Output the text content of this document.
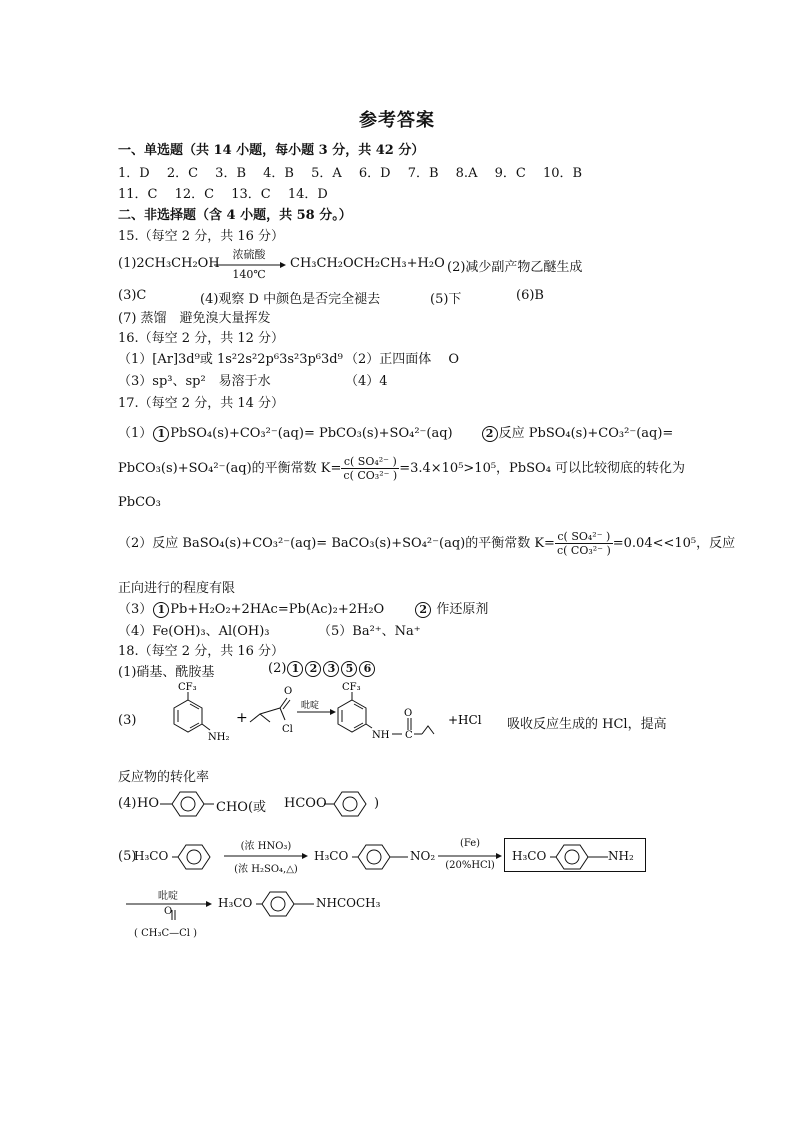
参考答案
一、单选题（共 14 小题，每小题 3 分，共 42 分）
1．D　 2．C　 3．B　 4．B　 5．A　 6．D　 7．B　 8.A　 9．C　 10．B
11．C　 12．C　 13．C　 14．D
二、非选择题（含 4 小题，共 58 分。）
15.（每空 2 分，共 16 分）
(1)2CH₃CH₂OH
浓硫酸
140℃
CH₃CH₂OCH₂CH₃+H₂O (2)减少副产物乙醚生成
(3)C	(4)观察 D 中颜色是否完全褪去	(5)下	(6)B
(7) 蒸馏　避免溴大量挥发
16.（每空 2 分，共 12 分）
（1）[Ar]3d⁹或 1s²2s²2p⁶3s²3p⁶3d⁹ （2）正四面体　 O
（3）sp³、sp²　易溶于水	（4）4
17.（每空 2 分，共 14 分）
（1） 1 PbSO₄(s)+CO₃²⁻(aq)= PbCO₃(s)+SO₄²⁻(aq)	2 反应 PbSO₄(s)+CO₃²⁻(aq)=
PbCO₃(s)+SO₄²⁻(aq)的平衡常数 $K= \frac{\text{c( SO₄²⁻ )}}{\text{c( CO₃²⁻ )}} =3.4\times 10^5>10^5$，PbSO₄ 可以比较彻底的转化为
PbCO₃
（2）反应 BaSO₄(s)+CO₃²⁻(aq)= BaCO₃(s)+SO₄²⁻(aq)的平衡常数 $K= \frac{\text{c( SO₄²⁻ )}}{\text{c( CO₃²⁻ )}} =0.04<<10^5$，反应
正向进行的程度有限
（3） 1 Pb+H₂O₂+2HAc=Pb(Ac)₂+2H₂O	2 作还原剂
（4）Fe(OH)₃、Al(OH)₃	（5）Ba²⁺、Na⁺
18.（每空 2 分，共 16 分）
(1)硝基、酰胺基	(2) 1 2 3 5 6
(3)
CF₃
NH₂
+
O
Cl
吡啶
CF₃
NH
O
C
+HCl 吸收反应生成的 HCl，提高
反应物的转化率
(4) HO	CHO(或 HCOO	)
(5)
H₃CO
(浓 HNO₃)
(浓 H₂SO₄,△)
H₃CO	NO₂
(Fe)
(20%HCl)
H₃CO	NH₂
吡啶
O
( CH₃C—Cl )
H₃CO	NHCOCH₃
